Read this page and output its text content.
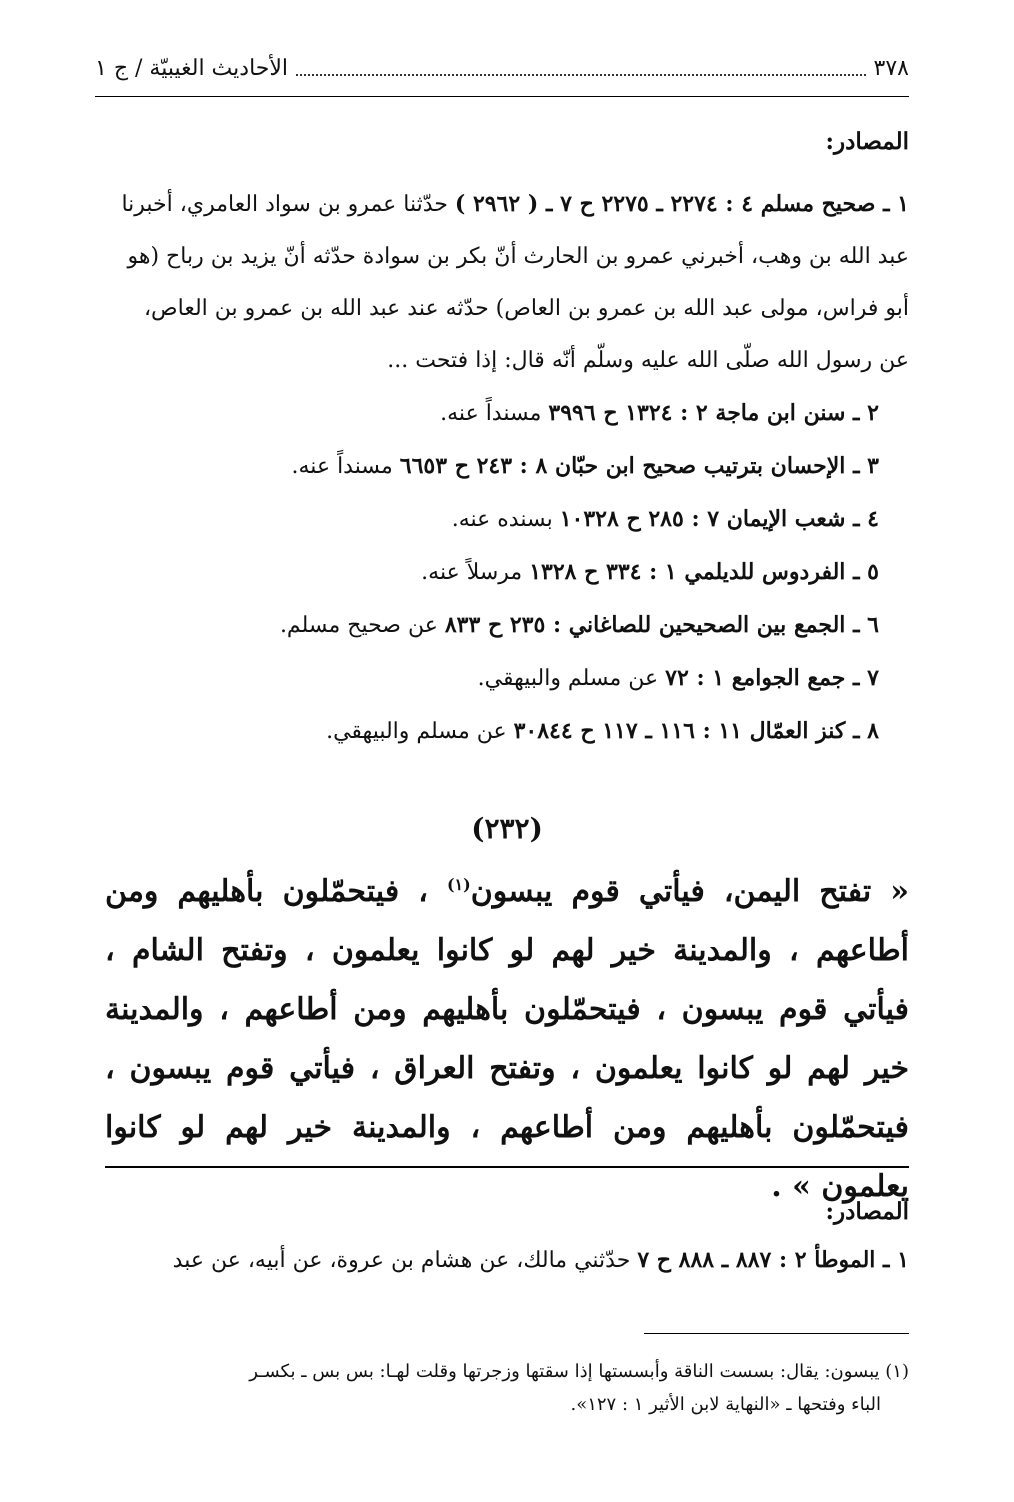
٣٧٨
الأحاديث الغيبيّة / ج ١
المصادر:

١ ـ صحيح مسلم ٤ : ٢٢٧٤ ـ ٢٢٧٥ ح ٧ ـ ( ٢٩٦٢ ) حدّثنا عمرو بن سواد العامري، أخبرنا عبد الله بن وهب، أخبرني عمرو بن الحارث أنّ بكر بن سوادة حدّثه أنّ يزيد بن رباح (هو أبو فراس، مولى عبد الله بن عمرو بن العاص) حدّثه عند عبد الله بن عمرو بن العاص، عن رسول الله صلّى الله عليه وسلّم أنّه قال: إذا فتحت ...

٢ ـ سنن ابن ماجة ٢ : ١٣٢٤ ح ٣٩٩٦ مسنداً عنه.

٣ ـ الإحسان بترتيب صحيح ابن حبّان ٨ : ٢٤٣ ح ٦٦٥٣ مسنداً عنه.

٤ ـ شعب الإيمان ٧ : ٢٨٥ ح ١٠٣٢٨ بسنده عنه.

٥ ـ الفردوس للديلمي ١ : ٣٣٤ ح ١٣٢٨ مرسلاً عنه.

٦ ـ الجمع بين الصحيحين للصاغاني : ٢٣٥ ح ٨٣٣ عن صحيح مسلم.

٧ ـ جمع الجوامع ١ : ٧٢ عن مسلم والبيهقي.

٨ ـ كنز العمّال ١١ : ١١٦ ـ ١١٧ ح ٣٠٨٤٤ عن مسلم والبيهقي.

(٢٣٢)
« تفتح اليمن، فيأتي قوم يبسون$^{(١)}$ ، فيتحمّلون بأهليهم ومن أطاعهم ، والمدينة خير لهم لو كانوا يعلمون ، وتفتح الشام ، فيأتي قوم يبسون ، فيتحمّلون بأهليهم ومن أطاعهم ، والمدينة خير لهم لو كانوا يعلمون ، وتفتح العراق ، فيأتي قوم يبسون ، فيتحمّلون بأهليهم ومن أطاعهم ، والمدينة خير لهم لو كانوا يعلمون » .
المصادر:
١ ـ الموطأ ٢ : ٨٨٧ ـ ٨٨٨ ح ٧ حدّثني مالك، عن هشام بن عروة، عن أبيه، عن عبد
(١) يبسون: يقال: بسست الناقة وأبسستها إذا سقتها وزجرتها وقلت لهـا: بس بس ـ بكسـر
الباء وفتحها ـ «النهاية لابن الأثير ١ : ١٢٧».
